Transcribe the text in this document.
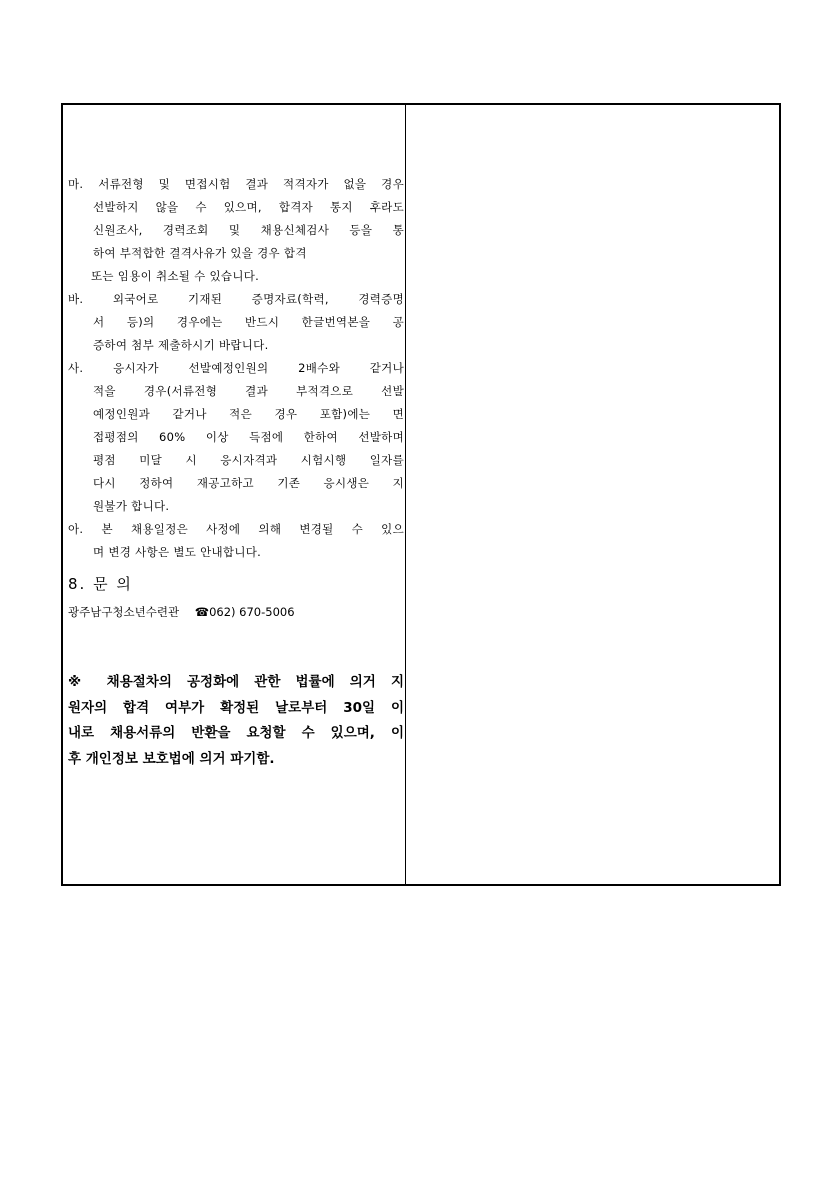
마. 서류전형 및 면접시험 결과 적격자가 없을 경우
선발하지 않을 수 있으며, 합격자 통지 후라도
신원조사, 경력조회 및 채용신체검사 등을 통
하여 부적합한 결격사유가 있을 경우 합격
또는 임용이 취소될 수 있습니다.
바. 외국어로 기재된 증명자료(학력, 경력증명
서 등)의 경우에는 반드시 한글번역본을 공
증하여 첨부 제출하시기 바랍니다.
사. 응시자가 선발예정인원의 2배수와 같거나
적을 경우(서류전형 결과 부적격으로 선발
예정인원과 같거나 적은 경우 포함)에는 면
접평점의 60% 이상 득점에 한하여 선발하며
평점 미달 시 응시자격과 시험시행 일자를
다시 정하여 재공고하고 기존 응시생은 지
원불가 합니다.
아. 본 채용일정은 사정에 의해 변경될 수 있으
며 변경 사항은 별도 안내합니다.
8. 문 의
광주남구청소년수련관 ☎062) 670-5006
※ 채용절차의 공정화에 관한 법률에 의거 지
원자의 합격 여부가 확정된 날로부터 30일 이
내로 채용서류의 반환을 요청할 수 있으며, 이
후 개인정보 보호법에 의거 파기함.
